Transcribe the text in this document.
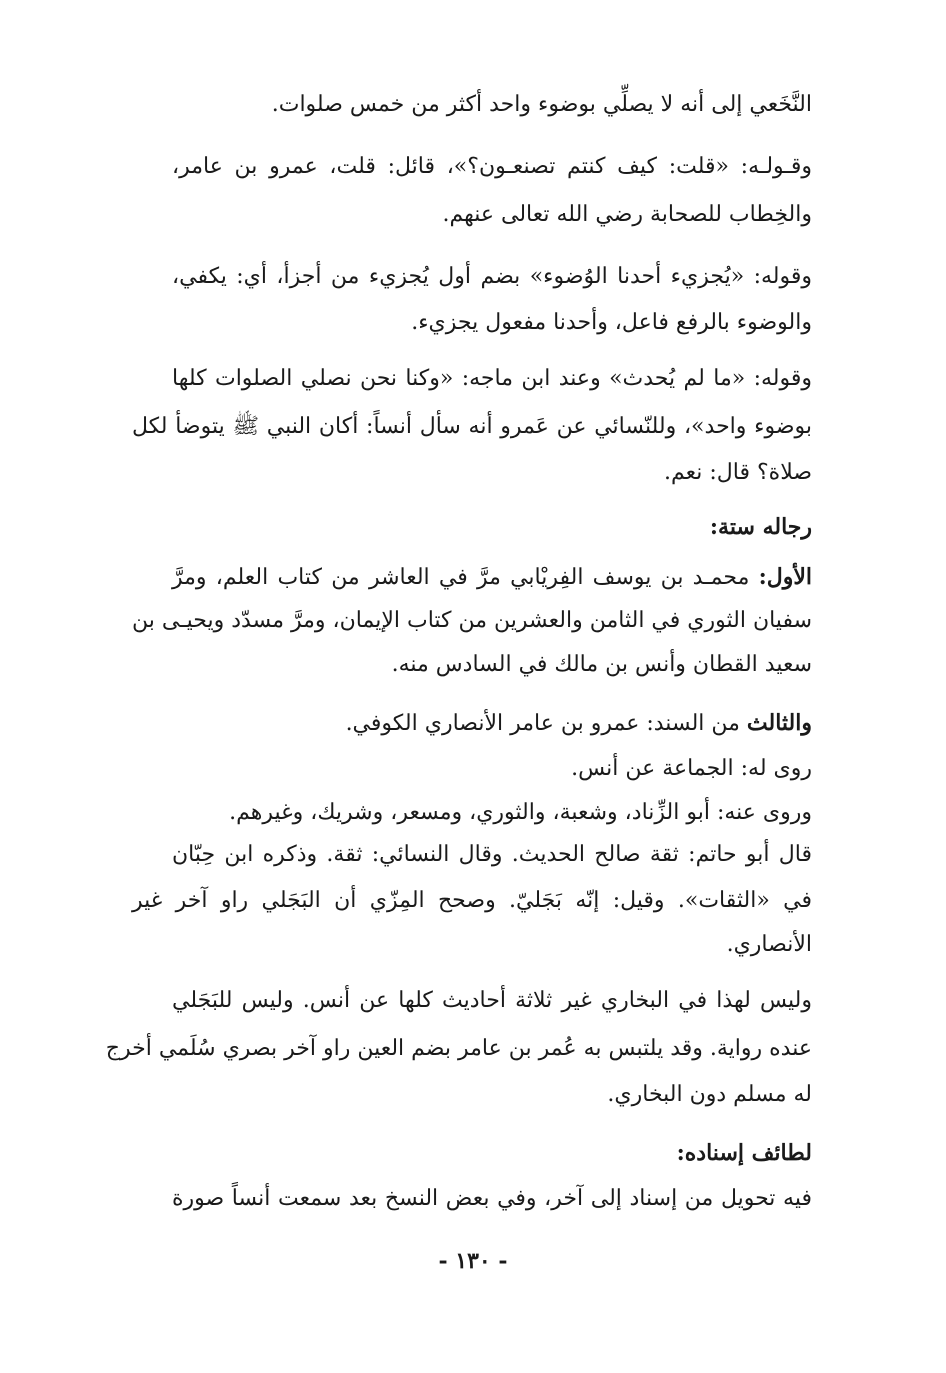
النَّخَعي إلى أنه لا يصلِّي بوضوء واحد أكثر من خمس صلوات.
وقـولـه: «قلت: كيف كنتم تصنعـون؟»، قائل: قلت، عمرو بن عامر،
والخِطاب للصحابة رضي الله تعالى عنهم.
وقوله: «يُجزيء أحدنا الوُضوء» بضم أول يُجزيء من أجزأ، أي: يكفي،
والوضوء بالرفع فاعل، وأحدنا مفعول يجزيء.
وقوله: «ما لم يُحدث» وعند ابن ماجه: «وكنا نحن نصلي الصلوات كلها
بوضوء واحد»، وللنّسائي عن عَمرو أنه سأل أنساً: أكان النبي ﷺ يتوضأ لكل
صلاة؟ قال: نعم.
رجاله ستة:
الأول: محمـد بن يوسف الفِريْابي مرَّ في العاشر من كتاب العلم، ومرَّ
سفيان الثوري في الثامن والعشرين من كتاب الإيمان، ومرَّ مسدّد ويحيـى بن
سعيد القطان وأنس بن مالك في السادس منه.
والثالث من السند: عمرو بن عامر الأنصاري الكوفي.
روى له: الجماعة عن أنس.
وروى عنه: أبو الزِّناد، وشعبة، والثوري، ومسعر، وشريك، وغيرهم.
قال أبو حاتم: ثقة صالح الحديث. وقال النسائي: ثقة. وذكره ابن حِبّان
في «الثقات». وقيل: إنّه بَجَليّ. وصحح المِزّي أن البَجَلي راو آخر غير
الأنصاري.
وليس لهذا في البخاري غير ثلاثة أحاديث كلها عن أنس. وليس للبَجَلي
عنده رواية. وقد يلتبس به عُمر بن عامر بضم العين راو آخر بصري سُلَمي أخرج
له مسلم دون البخاري.
لطائف إسناده:
فيه تحويل من إسناد إلى آخر، وفي بعض النسخ بعد سمعت أنساً صورة
- ١٣٠ -
